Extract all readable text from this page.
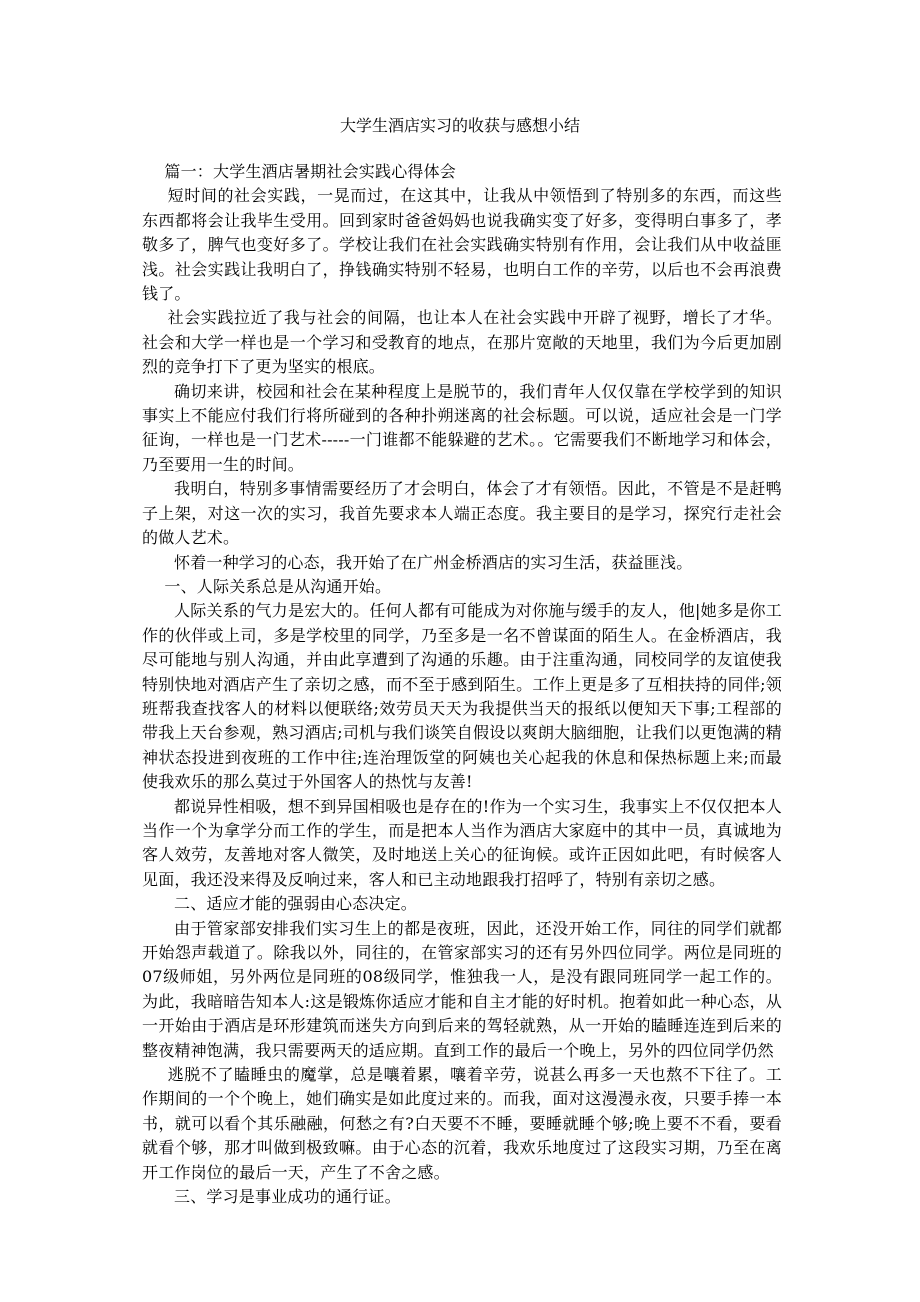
大学生酒店实习的收获与感想小结

篇一：大学生酒店暑期社会实践心得体会

短时间的社会实践，一晃而过，在这其中，让我从中领悟到了特别多的东西，而这些东西都将会让我毕生受用。回到家时爸爸妈妈也说我确实变了好多，变得明白事多了，孝敬多了，脾气也变好多了。学校让我们在社会实践确实特别有作用，会让我们从中收益匪浅。社会实践让我明白了，挣钱确实特别不轻易，也明白工作的辛劳，以后也不会再浪费钱了。

社会实践拉近了我与社会的间隔，也让本人在社会实践中开辟了视野，增长了才华。社会和大学一样也是一个学习和受教育的地点，在那片宽敞的天地里，我们为今后更加剧烈的竞争打下了更为坚实的根底。

确切来讲，校园和社会在某种程度上是脱节的，我们青年人仅仅靠在学校学到的知识事实上不能应付我们行将所碰到的各种扑朔迷离的社会标题。可以说，适应社会是一门学征询，一样也是一门艺术-----一门谁都不能躲避的艺术。。它需要我们不断地学习和体会，乃至要用一生的时间。

我明白，特别多事情需要经历了才会明白，体会了才有领悟。因此，不管是不是赶鸭子上架，对这一次的实习，我首先要求本人端正态度。我主要目的是学习，探究行走社会的做人艺术。

怀着一种学习的心态，我开始了在广州金桥酒店的实习生活，获益匪浅。

一、人际关系总是从沟通开始。

人际关系的气力是宏大的。任何人都有可能成为对你施与缓手的友人，他|她多是你工作的伙伴或上司，多是学校里的同学，乃至多是一名不曾谋面的陌生人。在金桥酒店，我尽可能地与别人沟通，并由此享遭到了沟通的乐趣。由于注重沟通，同校同学的友谊使我特别快地对酒店产生了亲切之感，而不至于感到陌生。工作上更是多了互相扶持的同伴;领班帮我查找客人的材料以便联络;效劳员天天为我提供当天的报纸以便知天下事;工程部的带我上天台参观，熟习酒店;司机与我们谈笑自假设以爽朗大脑细胞，让我们以更饱满的精神状态投进到夜班的工作中往;连治理饭堂的阿姨也关心起我的休息和保热标题上来;而最使我欢乐的那么莫过于外国客人的热忱与友善!

都说异性相吸，想不到异国相吸也是存在的!作为一个实习生，我事实上不仅仅把本人当作一个为拿学分而工作的学生，而是把本人当作为酒店大家庭中的其中一员，真诚地为客人效劳，友善地对客人微笑，及时地送上关心的征询候。或许正因如此吧，有时候客人见面，我还没来得及反响过来，客人和已主动地跟我打招呼了，特别有亲切之感。

二、适应才能的强弱由心态决定。

由于管家部安排我们实习生上的都是夜班，因此，还没开始工作，同往的同学们就都开始怨声载道了。除我以外，同往的，在管家部实习的还有另外四位同学。两位是同班的07级师姐，另外两位是同班的08级同学，惟独我一人，是没有跟同班同学一起工作的。为此，我暗暗告知本人:这是锻炼你适应才能和自主才能的好时机。抱着如此一种心态，从一开始由于酒店是环形建筑而迷失方向到后来的驾轻就熟，从一开始的瞌睡连连到后来的整夜精神饱满，我只需要两天的适应期。直到工作的最后一个晚上，另外的四位同学仍然

逃脱不了瞌睡虫的魔掌，总是嚷着累，嚷着辛劳，说甚么再多一天也熬不下往了。工作期间的一个个晚上，她们确实是如此度过来的。而我，面对这漫漫永夜，只要手捧一本书，就可以看个其乐融融，何愁之有?白天要不不睡，要睡就睡个够;晚上要不不看，要看就看个够，那才叫做到极致嘛。由于心态的沉着，我欢乐地度过了这段实习期，乃至在离开工作岗位的最后一天，产生了不舍之感。

三、学习是事业成功的通行证。
